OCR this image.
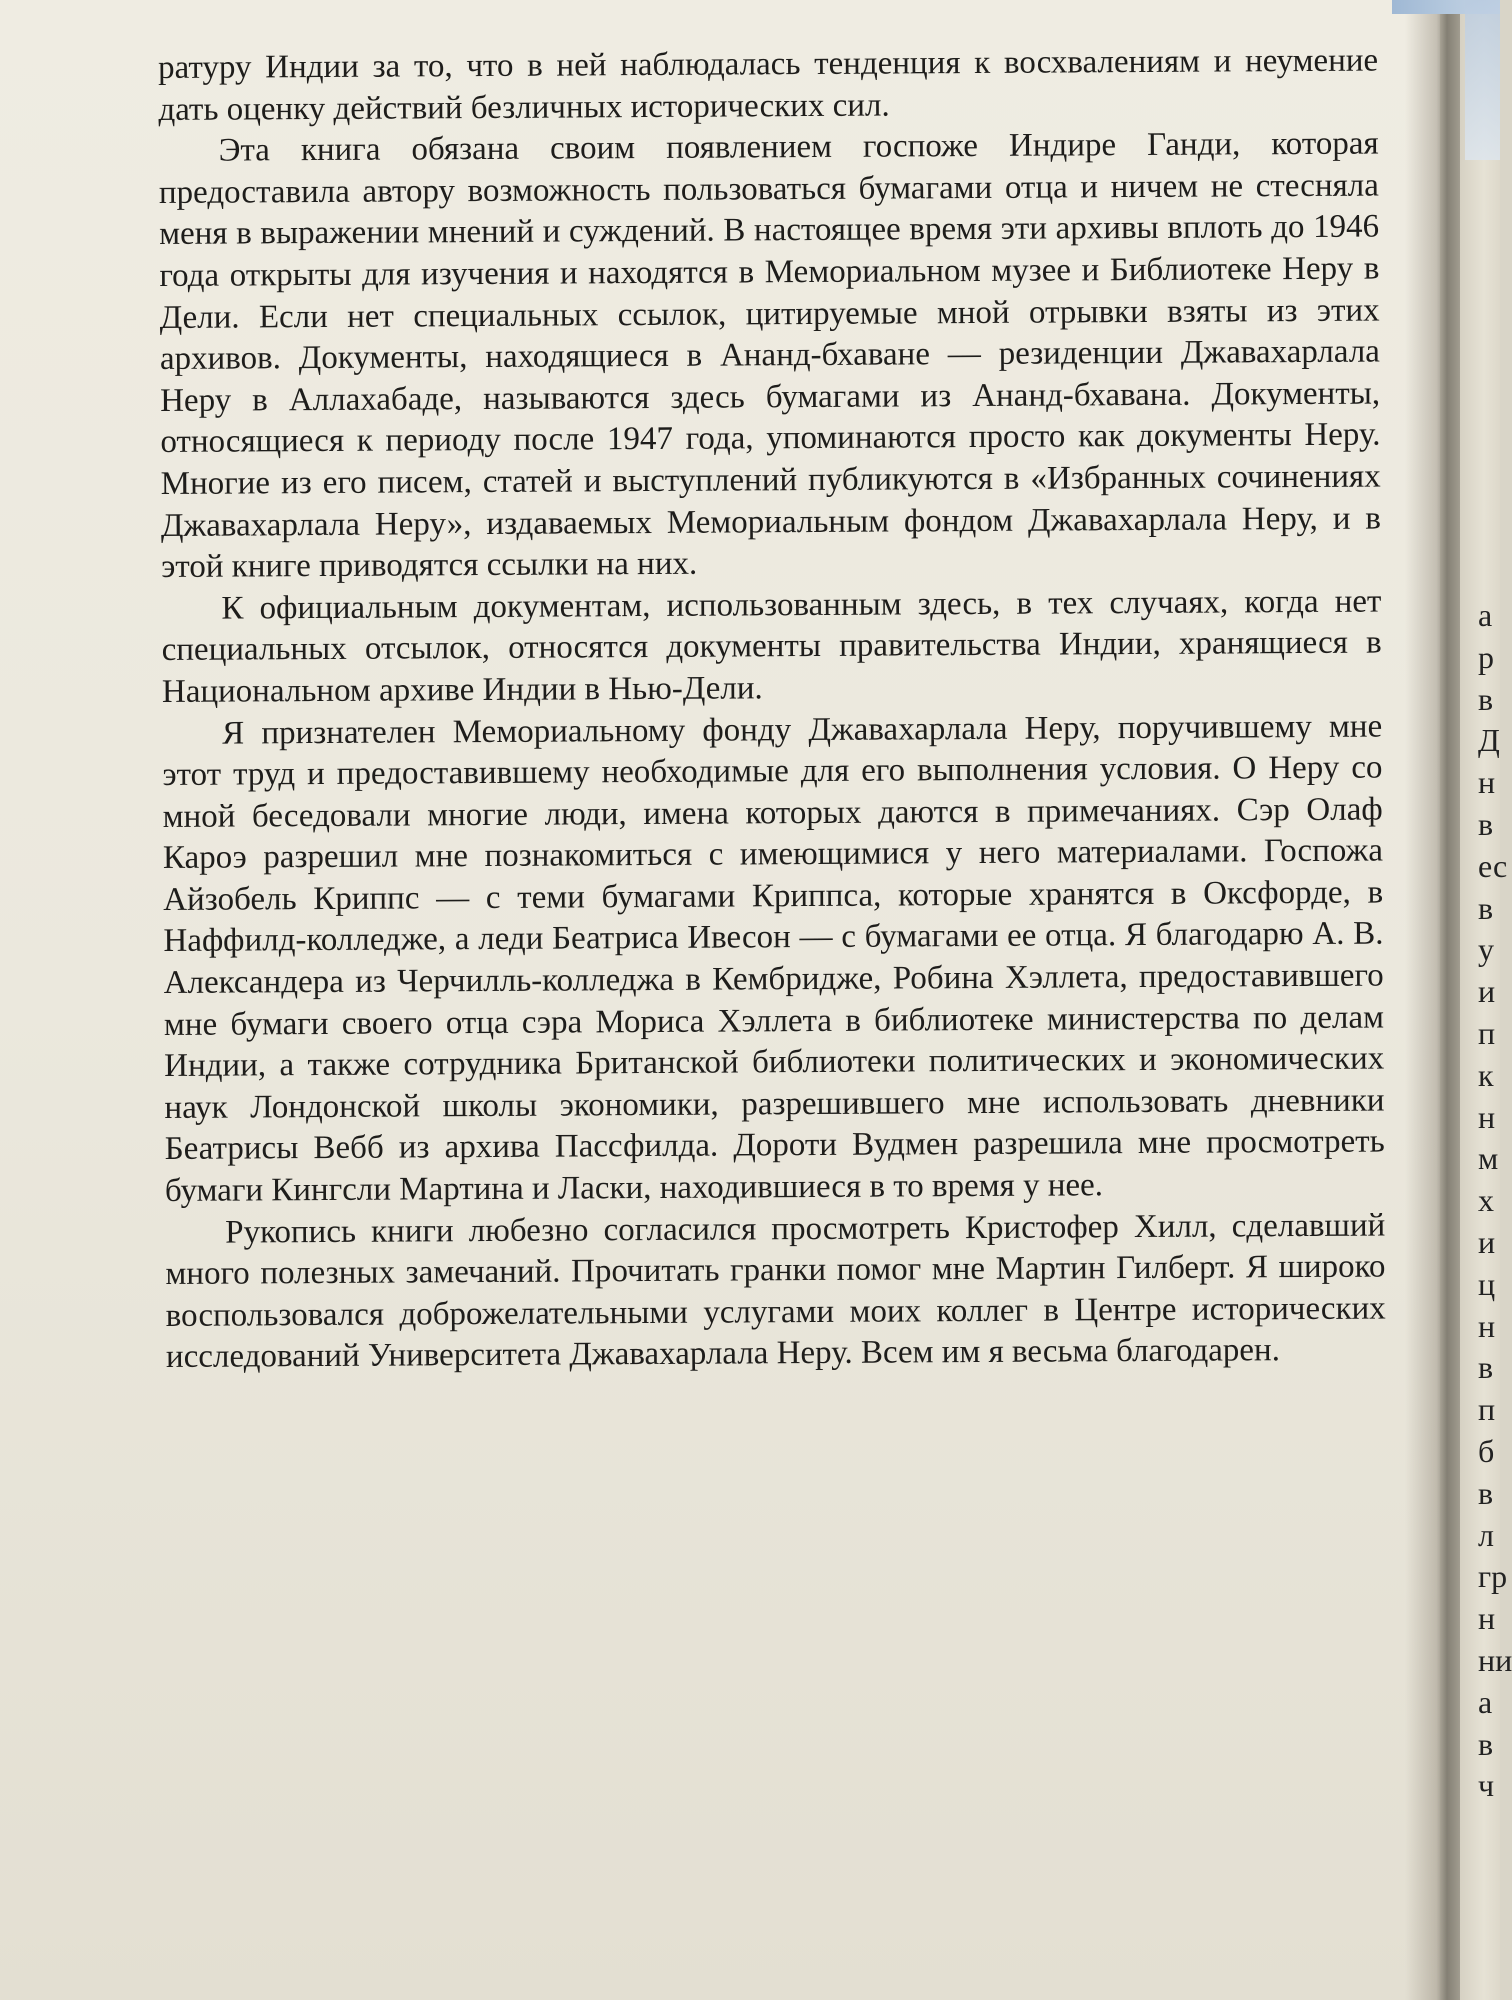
ратуру Индии за то, что в ней наблюдалась тенденция к восхвалениям и неумение дать оценку действий безличных исторических сил.

Эта книга обязана своим появлением госпоже Индире Ганди, которая предоставила автору возможность пользоваться бумагами отца и ничем не стесняла меня в выражении мнений и суждений. В настоящее время эти архивы вплоть до 1946 года открыты для изучения и находятся в Мемориальном музее и Библиотеке Неру в Дели. Если нет специальных ссылок, цитируемые мной отрывки взяты из этих архивов. Документы, находящиеся в Ананд-бхаване — резиденции Джавахарлала Неру в Аллахабаде, называются здесь бумагами из Ананд-бхавана. Документы, относящиеся к периоду после 1947 года, упоминаются просто как документы Неру. Многие из его писем, статей и выступлений публикуются в «Избранных сочинениях Джавахарлала Неру», издаваемых Мемориальным фондом Джавахарлала Неру, и в этой книге приводятся ссылки на них.

К официальным документам, использованным здесь, в тех случаях, когда нет специальных отсылок, относятся документы правительства Индии, хранящиеся в Национальном архиве Индии в Нью-Дели.

Я признателен Мемориальному фонду Джавахарлала Неру, поручившему мне этот труд и предоставившему необходимые для его выполнения условия. О Неру со мной беседовали многие люди, имена которых даются в примечаниях. Сэр Олаф Кароэ разрешил мне познакомиться с имеющимися у него материалами. Госпожа Айзобель Криппс — с теми бумагами Криппса, которые хранятся в Оксфорде, в Наффилд-колледже, а леди Беатриса Ивесон — с бумагами ее отца. Я благодарю А. В. Александера из Черчилль-колледжа в Кембридже, Робина Хэллета, предоставившего мне бумаги своего отца сэра Мориса Хэллета в библиотеке министерства по делам Индии, а также сотрудника Британской библиотеки политических и экономических наук Лондонской школы экономики, разрешившего мне использовать дневники Беатрисы Вебб из архива Пассфилда. Дороти Вудмен разрешила мне просмотреть бумаги Кингсли Мартина и Ласки, находившиеся в то время у нее.

Рукопись книги любезно согласился просмотреть Кристофер Хилл, сделавший много полезных замечаний. Прочитать гранки помог мне Мартин Гилберт. Я широко воспользовался доброжелательными услугами моих коллег в Центре исторических исследований Университета Джавахарлала Неру. Всем им я весьма благодарен.

а
р
в
Д
н
в
ес
в
у
и
п
к
н
м
х
и
ц
н
в
п
б
в
л
гр
н
ни
а
в
ч
